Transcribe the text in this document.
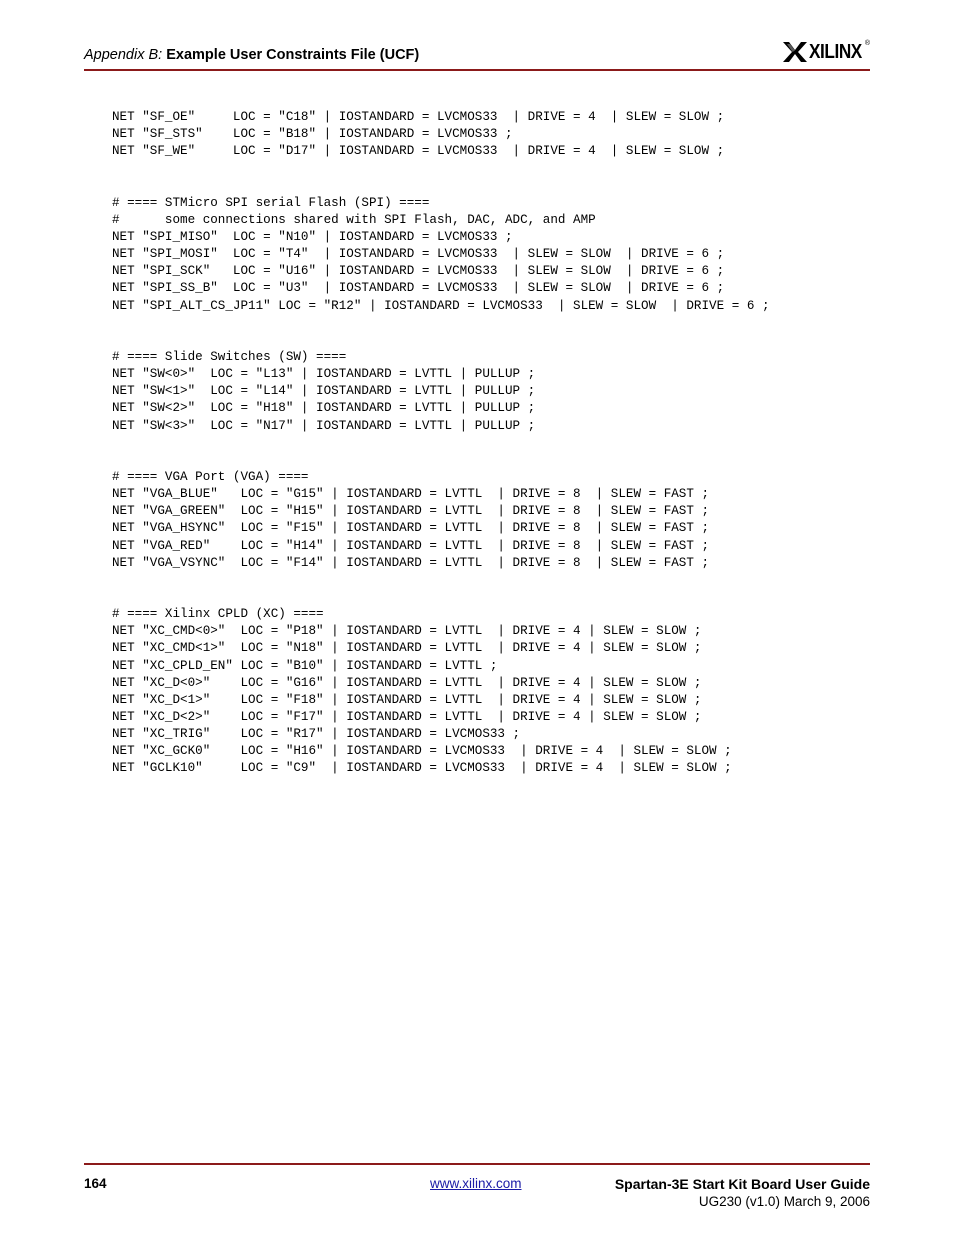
Appendix B: Example User Constraints File (UCF)	XILINX ®
NET "SF_OE"     LOC = "C18" | IOSTANDARD = LVCMOS33  | DRIVE = 4  | SLEW = SLOW ;
NET "SF_STS"    LOC = "B18" | IOSTANDARD = LVCMOS33 ;
NET "SF_WE"     LOC = "D17" | IOSTANDARD = LVCMOS33  | DRIVE = 4  | SLEW = SLOW ;

# ==== STMicro SPI serial Flash (SPI) ====
#      some connections shared with SPI Flash, DAC, ADC, and AMP
NET "SPI_MISO"  LOC = "N10" | IOSTANDARD = LVCMOS33 ;
NET "SPI_MOSI"  LOC = "T4"  | IOSTANDARD = LVCMOS33  | SLEW = SLOW  | DRIVE = 6 ;
NET "SPI_SCK"   LOC = "U16" | IOSTANDARD = LVCMOS33  | SLEW = SLOW  | DRIVE = 6 ;
NET "SPI_SS_B"  LOC = "U3"  | IOSTANDARD = LVCMOS33  | SLEW = SLOW  | DRIVE = 6 ;
NET "SPI_ALT_CS_JP11" LOC = "R12" | IOSTANDARD = LVCMOS33  | SLEW = SLOW  | DRIVE = 6 ;

# ==== Slide Switches (SW) ====
NET "SW<0>"  LOC = "L13" | IOSTANDARD = LVTTL | PULLUP ;
NET "SW<1>"  LOC = "L14" | IOSTANDARD = LVTTL | PULLUP ;
NET "SW<2>"  LOC = "H18" | IOSTANDARD = LVTTL | PULLUP ;
NET "SW<3>"  LOC = "N17" | IOSTANDARD = LVTTL | PULLUP ;

# ==== VGA Port (VGA) ====
NET "VGA_BLUE"   LOC = "G15" | IOSTANDARD = LVTTL  | DRIVE = 8  | SLEW = FAST ;
NET "VGA_GREEN"  LOC = "H15" | IOSTANDARD = LVTTL  | DRIVE = 8  | SLEW = FAST ;
NET "VGA_HSYNC"  LOC = "F15" | IOSTANDARD = LVTTL  | DRIVE = 8  | SLEW = FAST ;
NET "VGA_RED"    LOC = "H14" | IOSTANDARD = LVTTL  | DRIVE = 8  | SLEW = FAST ;
NET "VGA_VSYNC"  LOC = "F14" | IOSTANDARD = LVTTL  | DRIVE = 8  | SLEW = FAST ;

# ==== Xilinx CPLD (XC) ====
NET "XC_CMD<0>"  LOC = "P18" | IOSTANDARD = LVTTL  | DRIVE = 4 | SLEW = SLOW ;
NET "XC_CMD<1>"  LOC = "N18" | IOSTANDARD = LVTTL  | DRIVE = 4 | SLEW = SLOW ;
NET "XC_CPLD_EN" LOC = "B10" | IOSTANDARD = LVTTL ;
NET "XC_D<0>"    LOC = "G16" | IOSTANDARD = LVTTL  | DRIVE = 4 | SLEW = SLOW ;
NET "XC_D<1>"    LOC = "F18" | IOSTANDARD = LVTTL  | DRIVE = 4 | SLEW = SLOW ;
NET "XC_D<2>"    LOC = "F17" | IOSTANDARD = LVTTL  | DRIVE = 4 | SLEW = SLOW ;
NET "XC_TRIG"    LOC = "R17" | IOSTANDARD = LVCMOS33 ;
NET "XC_GCK0"    LOC = "H16" | IOSTANDARD = LVCMOS33  | DRIVE = 4  | SLEW = SLOW ;
NET "GCLK10"     LOC = "C9"  | IOSTANDARD = LVCMOS33  | DRIVE = 4  | SLEW = SLOW ;
164	www.xilinx.com	Spartan-3E Start Kit Board User Guide
UG230 (v1.0) March 9, 2006
